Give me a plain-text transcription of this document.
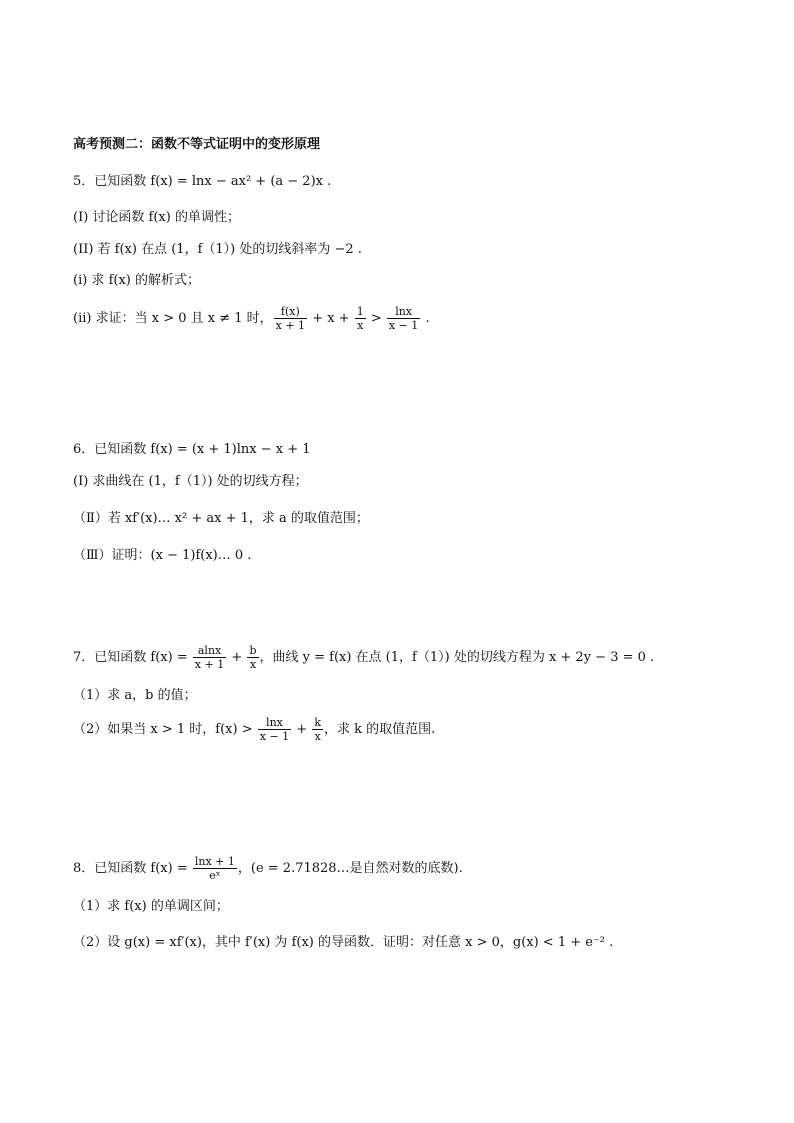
高考预测二：函数不等式证明中的变形原理
5．已知函数 f(x) = lnx − ax² + (a − 2)x .
(I) 讨论函数 f(x) 的单调性；
(II) 若 f(x) 在点 (1，f（1）) 处的切线斜率为 −2 .
(i) 求 f(x) 的解析式；
(ii) 求证：当 x > 0 且 x ≠ 1 时， $\frac{f(x)}{x + 1} + x + \frac{1}{x} > \frac{\ln x}{x - 1}$ .
6．已知函数 f(x) = (x + 1)lnx − x + 1
(I) 求曲线在 (1，f（1）) 处的切线方程；
（Ⅱ）若 xf′(x)… x² + ax + 1，求 a 的取值范围；
（Ⅲ）证明：(x − 1)f(x)… 0 .
7．已知函数 $f(x) = \frac{alnx}{x + 1} + \frac{b}{x}$ ，曲线 y = f(x) 在点 (1，f（1）) 处的切线方程为 x + 2y − 3 = 0 .
（1）求 a，b 的值；
（2）如果当 x > 1 时，$f(x) > \frac{\ln x}{x - 1} + \frac{k}{x}$ ，求 k 的取值范围.
8．已知函数 $f(x) = \frac{\ln x + 1}{\text{eˣ}}$ ，(e = 2.71828…是自然对数的底数).
（1）求 f(x) 的单调区间；
（2）设 g(x) = xf′(x)，其中 f′(x) 为 f(x) 的导函数．证明：对任意 x > 0，g(x) < 1 + e⁻² .
